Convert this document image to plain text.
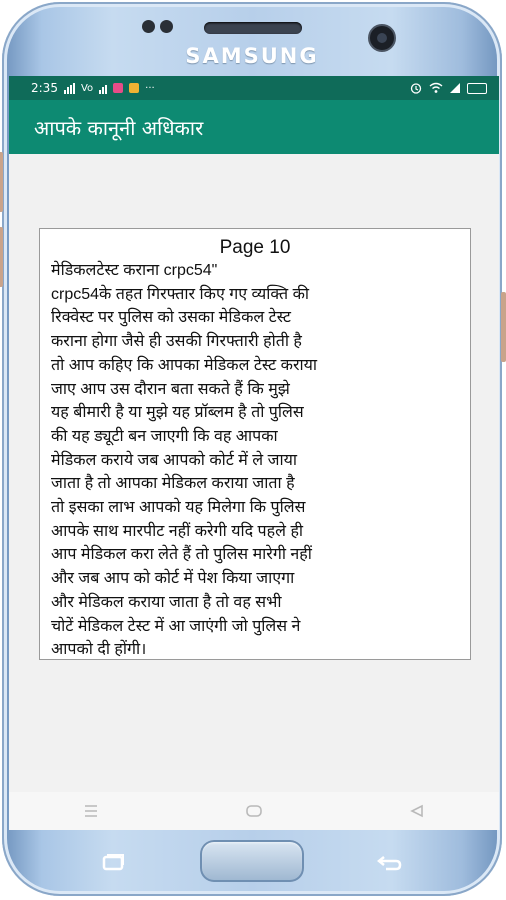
SAMSUNG
2:35 Vo	···
आपके कानूनी अधिकार
Page 10
मेडिकलटेस्ट कराना crpc54"
crpc54के तहत गिरफ्तार किए गए व्यक्ति की
रिक्वेस्ट पर पुलिस को उसका मेडिकल टेस्ट
कराना होगा जैसे ही उसकी गिरफ्तारी होती है
तो आप कहिए कि आपका मेडिकल टेस्ट कराया
जाए आप उस दौरान बता सकते हैं कि मुझे
यह बीमारी है या मुझे यह प्रॉब्लम है तो पुलिस
की यह ड्यूटी बन जाएगी कि वह आपका
मेडिकल कराये जब आपको कोर्ट में ले जाया
जाता है तो आपका मेडिकल कराया जाता है
तो इसका लाभ आपको यह मिलेगा कि पुलिस
आपके साथ मारपीट नहीं करेगी यदि पहले ही
आप मेडिकल करा लेते हैं तो पुलिस मारेगी नहीं
और जब आप को कोर्ट में पेश किया जाएगा
और मेडिकल कराया जाता है तो वह सभी
चोटें मेडिकल टेस्ट में आ जाएंगी जो पुलिस ने
आपको दी होंगी।
